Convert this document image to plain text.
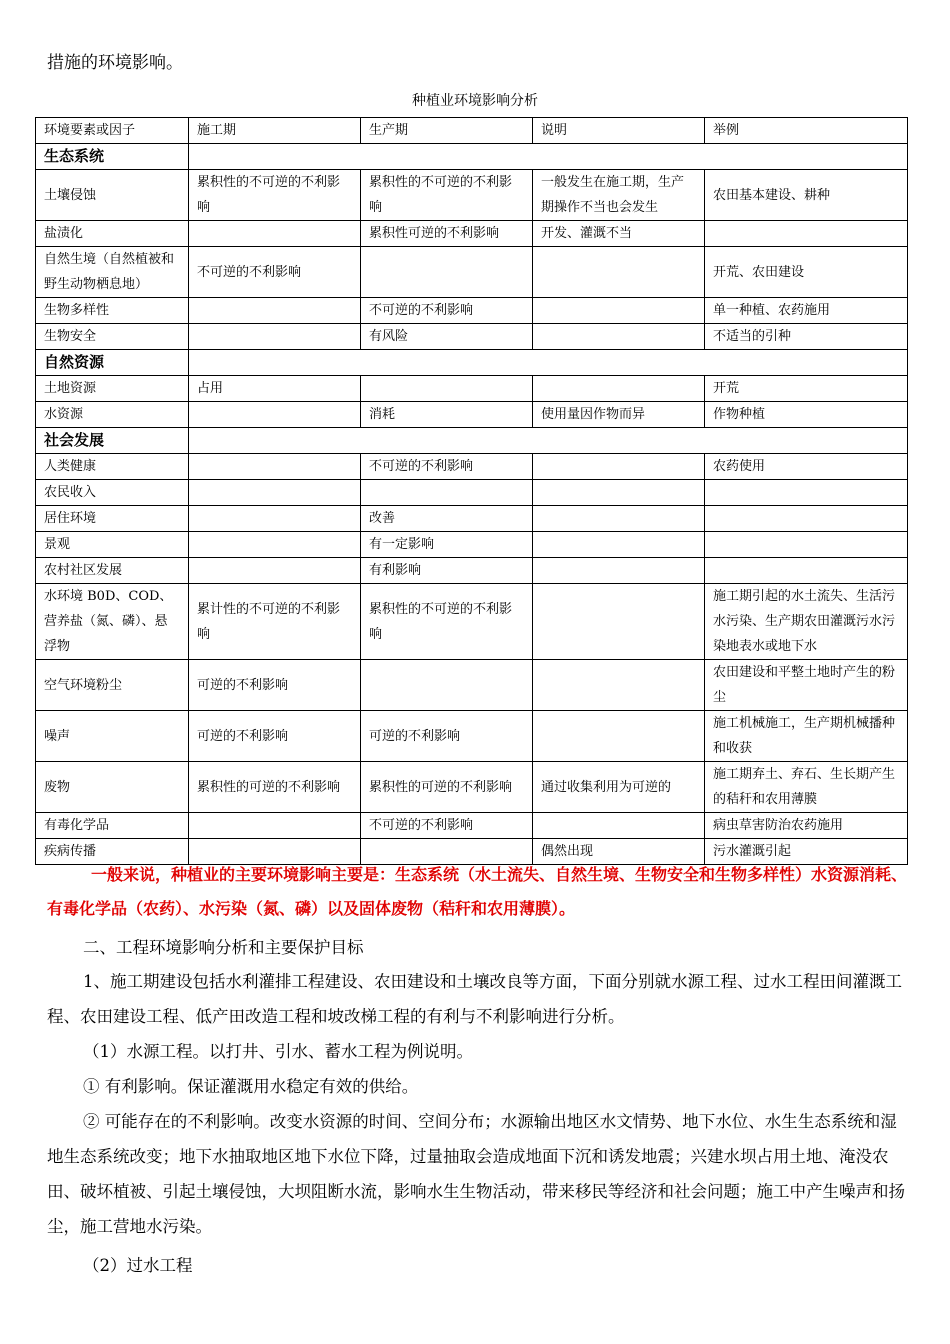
措施的环境影响。
种植业环境影响分析
环境要素或因子	施工期	生产期	说明	举例
生态系统				
土壤侵蚀	累积性的不可逆的不利影响	累积性的不可逆的不利影响	一般发生在施工期，生产期操作不当也会发生	农田基本建设、耕种
盐渍化		累积性可逆的不利影响	开发、灌溉不当	
自然生境（自然植被和野生动物栖息地）	不可逆的不利影响			开荒、农田建设
生物多样性		不可逆的不利影响		单一种植、农药施用
生物安全		有风险		不适当的引种
自然资源				
土地资源	占用			开荒
水资源		消耗	使用量因作物而异	作物种植
社会发展				
人类健康		不可逆的不利影响		农药使用
农民收入				
居住环境		改善		
景观		有一定影响		
农村社区发展		有利影响		
水环境 B0D、COD、营养盐（氮、磷）、悬浮物	累计性的不可逆的不利影响	累积性的不可逆的不利影响		施工期引起的水土流失、生活污水污染、生产期农田灌溉污水污染地表水或地下水
空气环境粉尘	可逆的不利影响			农田建设和平整土地时产生的粉尘
噪声	可逆的不利影响	可逆的不利影响		施工机械施工，生产期机械播种和收获
废物	累积性的可逆的不利影响	累积性的可逆的不利影响	通过收集利用为可逆的	施工期弃土、弃石、生长期产生的秸秆和农用薄膜
有毒化学品		不可逆的不利影响		病虫草害防治农药施用
疾病传播			偶然出现	污水灌溉引起
一般来说，种植业的主要环境影响主要是：生态系统（水土流失、自然生境、生物安全和生物多样性）水资源消耗、有毒化学品（农药）、水污染（氮、磷）以及固体废物（秸秆和农用薄膜）。
二、工程环境影响分析和主要保护目标
1、施工期建设包括水利灌排工程建设、农田建设和土壤改良等方面，下面分别就水源工程、过水工程田间灌溉工程、农田建设工程、低产田改造工程和坡改梯工程的有利与不利影响进行分析。
（1）水源工程。以打井、引水、蓄水工程为例说明。
① 有利影响。保证灌溉用水稳定有效的供给。
② 可能存在的不利影响。改变水资源的时间、空间分布；水源输出地区水文情势、地下水位、水生生态系统和湿地生态系统改变；地下水抽取地区地下水位下降，过量抽取会造成地面下沉和诱发地震；兴建水坝占用土地、淹没农田、破坏植被、引起土壤侵蚀，大坝阻断水流，影响水生生物活动，带来移民等经济和社会问题；施工中产生噪声和扬尘，施工营地水污染。
（2）过水工程
